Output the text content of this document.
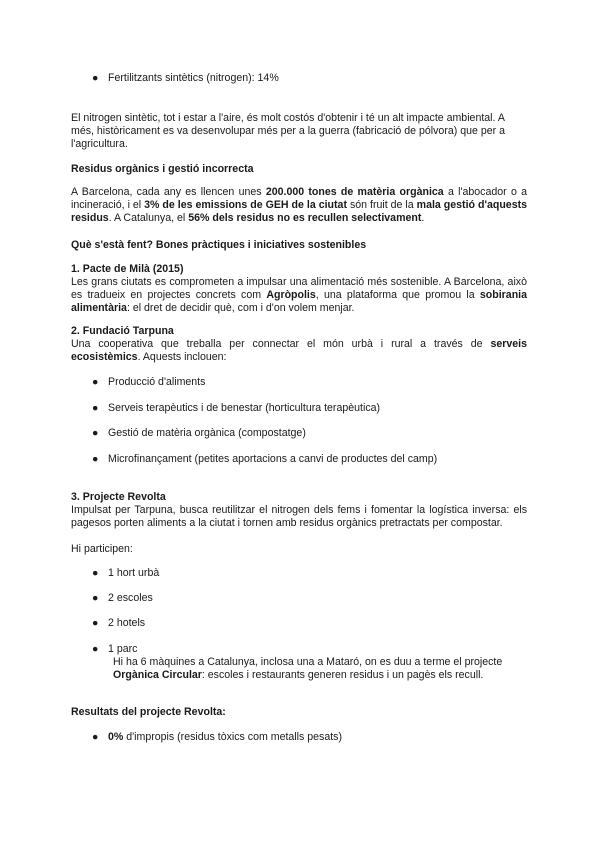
● Fertilitzants sintètics (nitrogen): 14%

El nitrogen sintètic, tot i estar a l'aire, és molt costós d'obtenir i té un alt impacte ambiental. A més, històricament es va desenvolupar més per a la guerra (fabricació de pólvora) que per a l'agricultura.

Residus orgànics i gestió incorrecta

A Barcelona, cada any es llencen unes 200.000 tones de matèria orgànica a l'abocador o a incineració, i el 3% de les emissions de GEH de la ciutat són fruit de la mala gestió d'aquests residus. A Catalunya, el 56% dels residus no es recullen selectivament.

Què s'està fent? Bones pràctiques i iniciatives sostenibles
1. Pacte de Milà (2015)

Les grans ciutats es comprometen a impulsar una alimentació més sostenible. A Barcelona, això es tradueix en projectes concrets com Agròpolis, una plataforma que promou la sobirania alimentària: el dret de decidir què, com i d'on volem menjar.

2. Fundació Tarpuna

Una cooperativa que treballa per connectar el món urbà i rural a través de serveis ecosistèmics. Aquests inclouen:

● Producció d'aliments
● Serveis terapèutics i de benestar (horticultura terapèutica)
● Gestió de matèria orgànica (compostatge)
● Microfinançament (petites aportacions a canvi de productes del camp)
3. Projecte Revolta

Impulsat per Tarpuna, busca reutilitzar el nitrogen dels fems i fomentar la logística inversa: els pagesos porten aliments a la ciutat i tornen amb residus orgànics pretractats per compostar.

Hi participen:

● 1 hort urbà
● 2 escoles
● 2 hotels
● 1 parc

Hi ha 6 màquines a Catalunya, inclosa una a Mataró, on es duu a terme el projecte Orgànica Circular: escoles i restaurants generen residus i un pagès els recull.

Resultats del projecte Revolta:
● 0% d'impropis (residus tòxics com metalls pesats)
